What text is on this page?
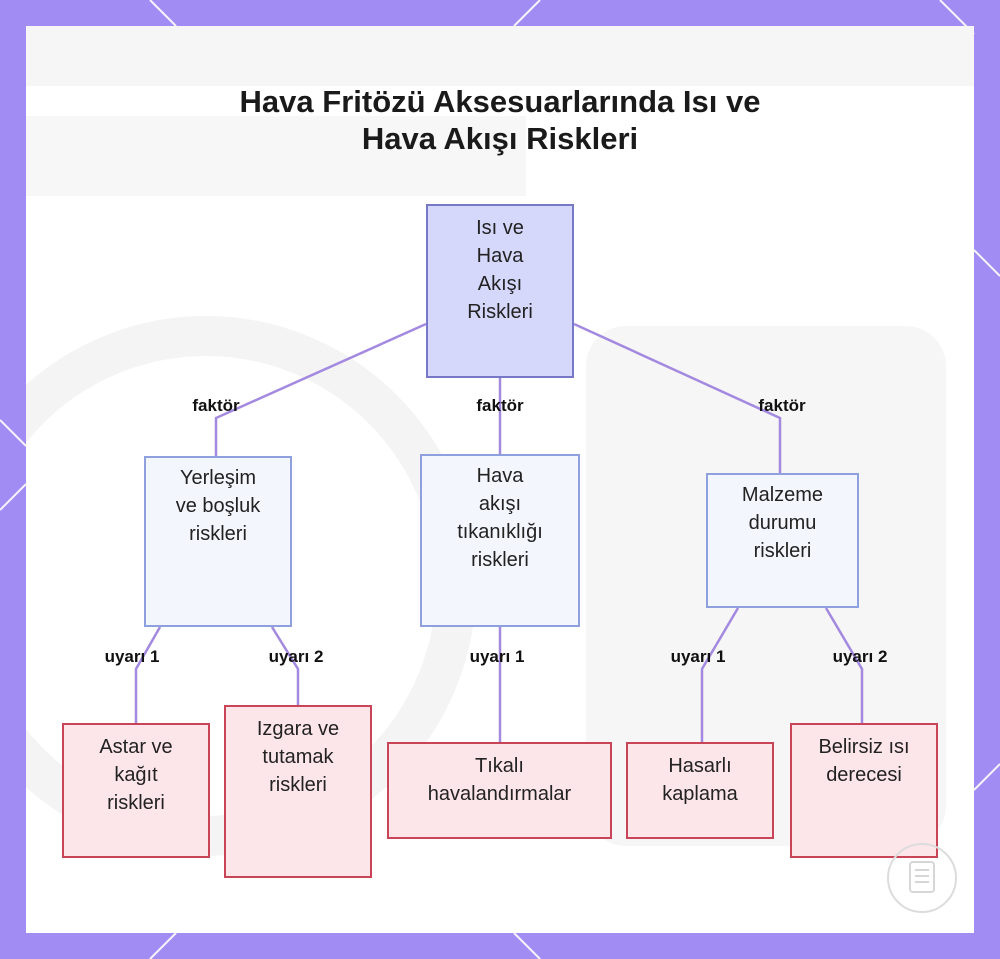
Hava Fritözü Aksesuarlarında Isı ve
Hava Akışı Riskleri
Isı ve
Hava
Akışı
Riskleri
faktör	faktör	faktör
Yerleşim
ve boşluk
riskleri
Hava
akışı
tıkanıklığı
riskleri
Malzeme
durumu
riskleri
uyarı 1	uyarı 2	uyarı 1	uyarı 1	uyarı 2
Astar ve
kağıt
riskleri
Izgara ve
tutamak
riskleri
Tıkalı
havalandırmalar
Hasarlı
kaplama
Belirsiz ısı
derecesi
